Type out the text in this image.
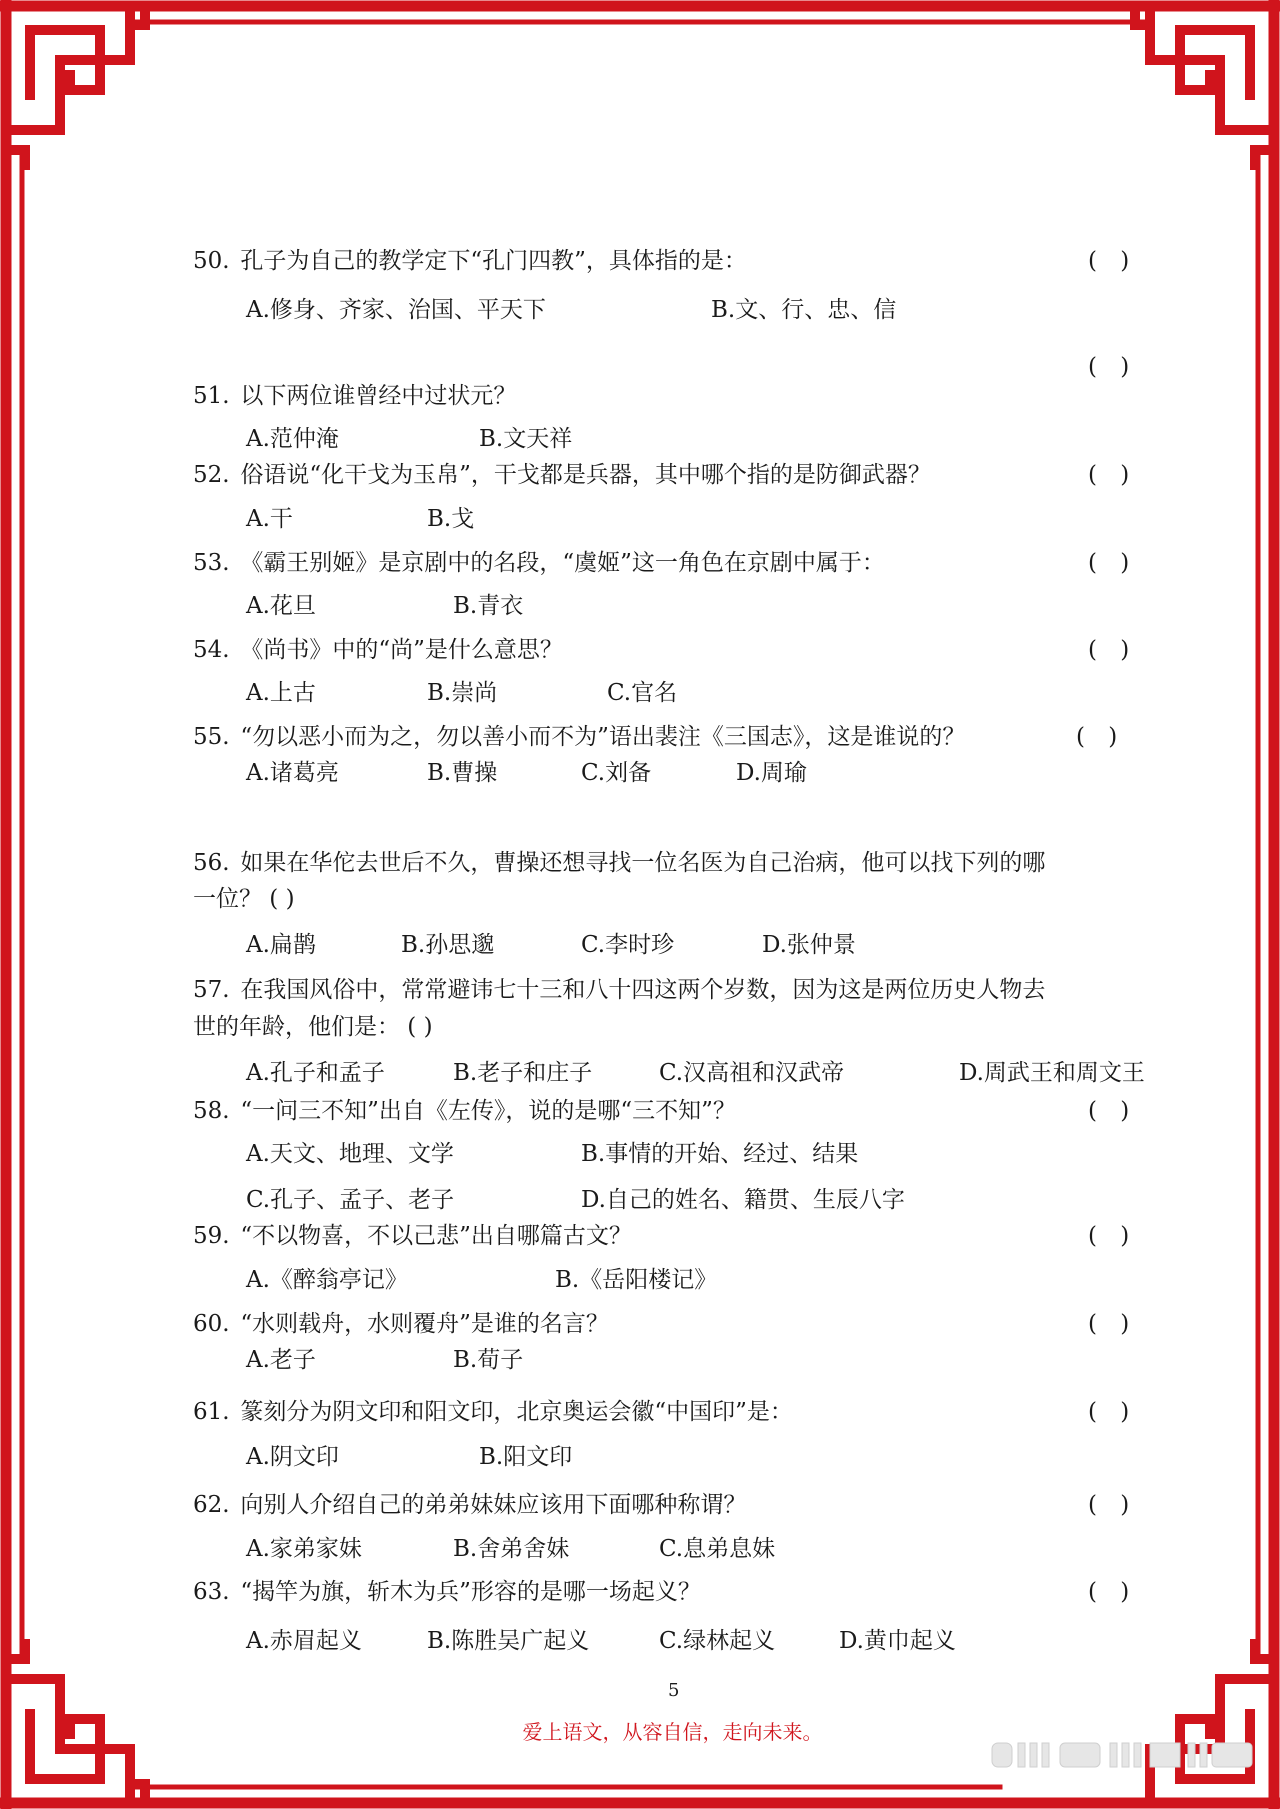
50. 孔子为自己的教学定下“孔门四教”，具体指的是：	( )
A.修身、齐家、治国、平天下	B.文、行、忠、信
( )
51. 以下两位谁曾经中过状元？
A.范仲淹	B.文天祥
52. 俗语说“化干戈为玉帛”，干戈都是兵器，其中哪个指的是防御武器？	( )
A.干	B.戈
53. 《霸王别姬》是京剧中的名段，“虞姬”这一角色在京剧中属于：	( )
A.花旦	B.青衣
54. 《尚书》中的“尚”是什么意思？	( )
A.上古	B.崇尚	C.官名
55. “勿以恶小而为之，勿以善小而不为”语出裴注《三国志》，这是谁说的？	( )
A.诸葛亮	B.曹操	C.刘备	D.周瑜
56. 如果在华佗去世后不久，曹操还想寻找一位名医为自己治病，他可以找下列的哪
一位？ ( )
A.扁鹊	B.孙思邈	C.李时珍	D.张仲景
57. 在我国风俗中，常常避讳七十三和八十四这两个岁数，因为这是两位历史人物去
世的年龄，他们是： ( )
A.孔子和孟子	B.老子和庄子	C.汉高祖和汉武帝	D.周武王和周文王
58. “一问三不知”出自《左传》，说的是哪“三不知”？	( )
A.天文、地理、文学	B.事情的开始、经过、结果
C.孔子、孟子、老子	D.自己的姓名、籍贯、生辰八字
59. “不以物喜，不以己悲”出自哪篇古文？	( )
A.《醉翁亭记》	B.《岳阳楼记》
60. “水则载舟，水则覆舟”是谁的名言？	( )
A.老子	B.荀子
61. 篆刻分为阴文印和阳文印，北京奥运会徽“中国印”是：	( )
A.阴文印	B.阳文印
62. 向别人介绍自己的弟弟妹妹应该用下面哪种称谓？	( )
A.家弟家妹	B.舍弟舍妹	C.息弟息妹
63. “揭竿为旗，斩木为兵”形容的是哪一场起义？	( )
A.赤眉起义	B.陈胜吴广起义	C.绿林起义	D.黄巾起义
5
爱上语文，从容自信，走向未来。
